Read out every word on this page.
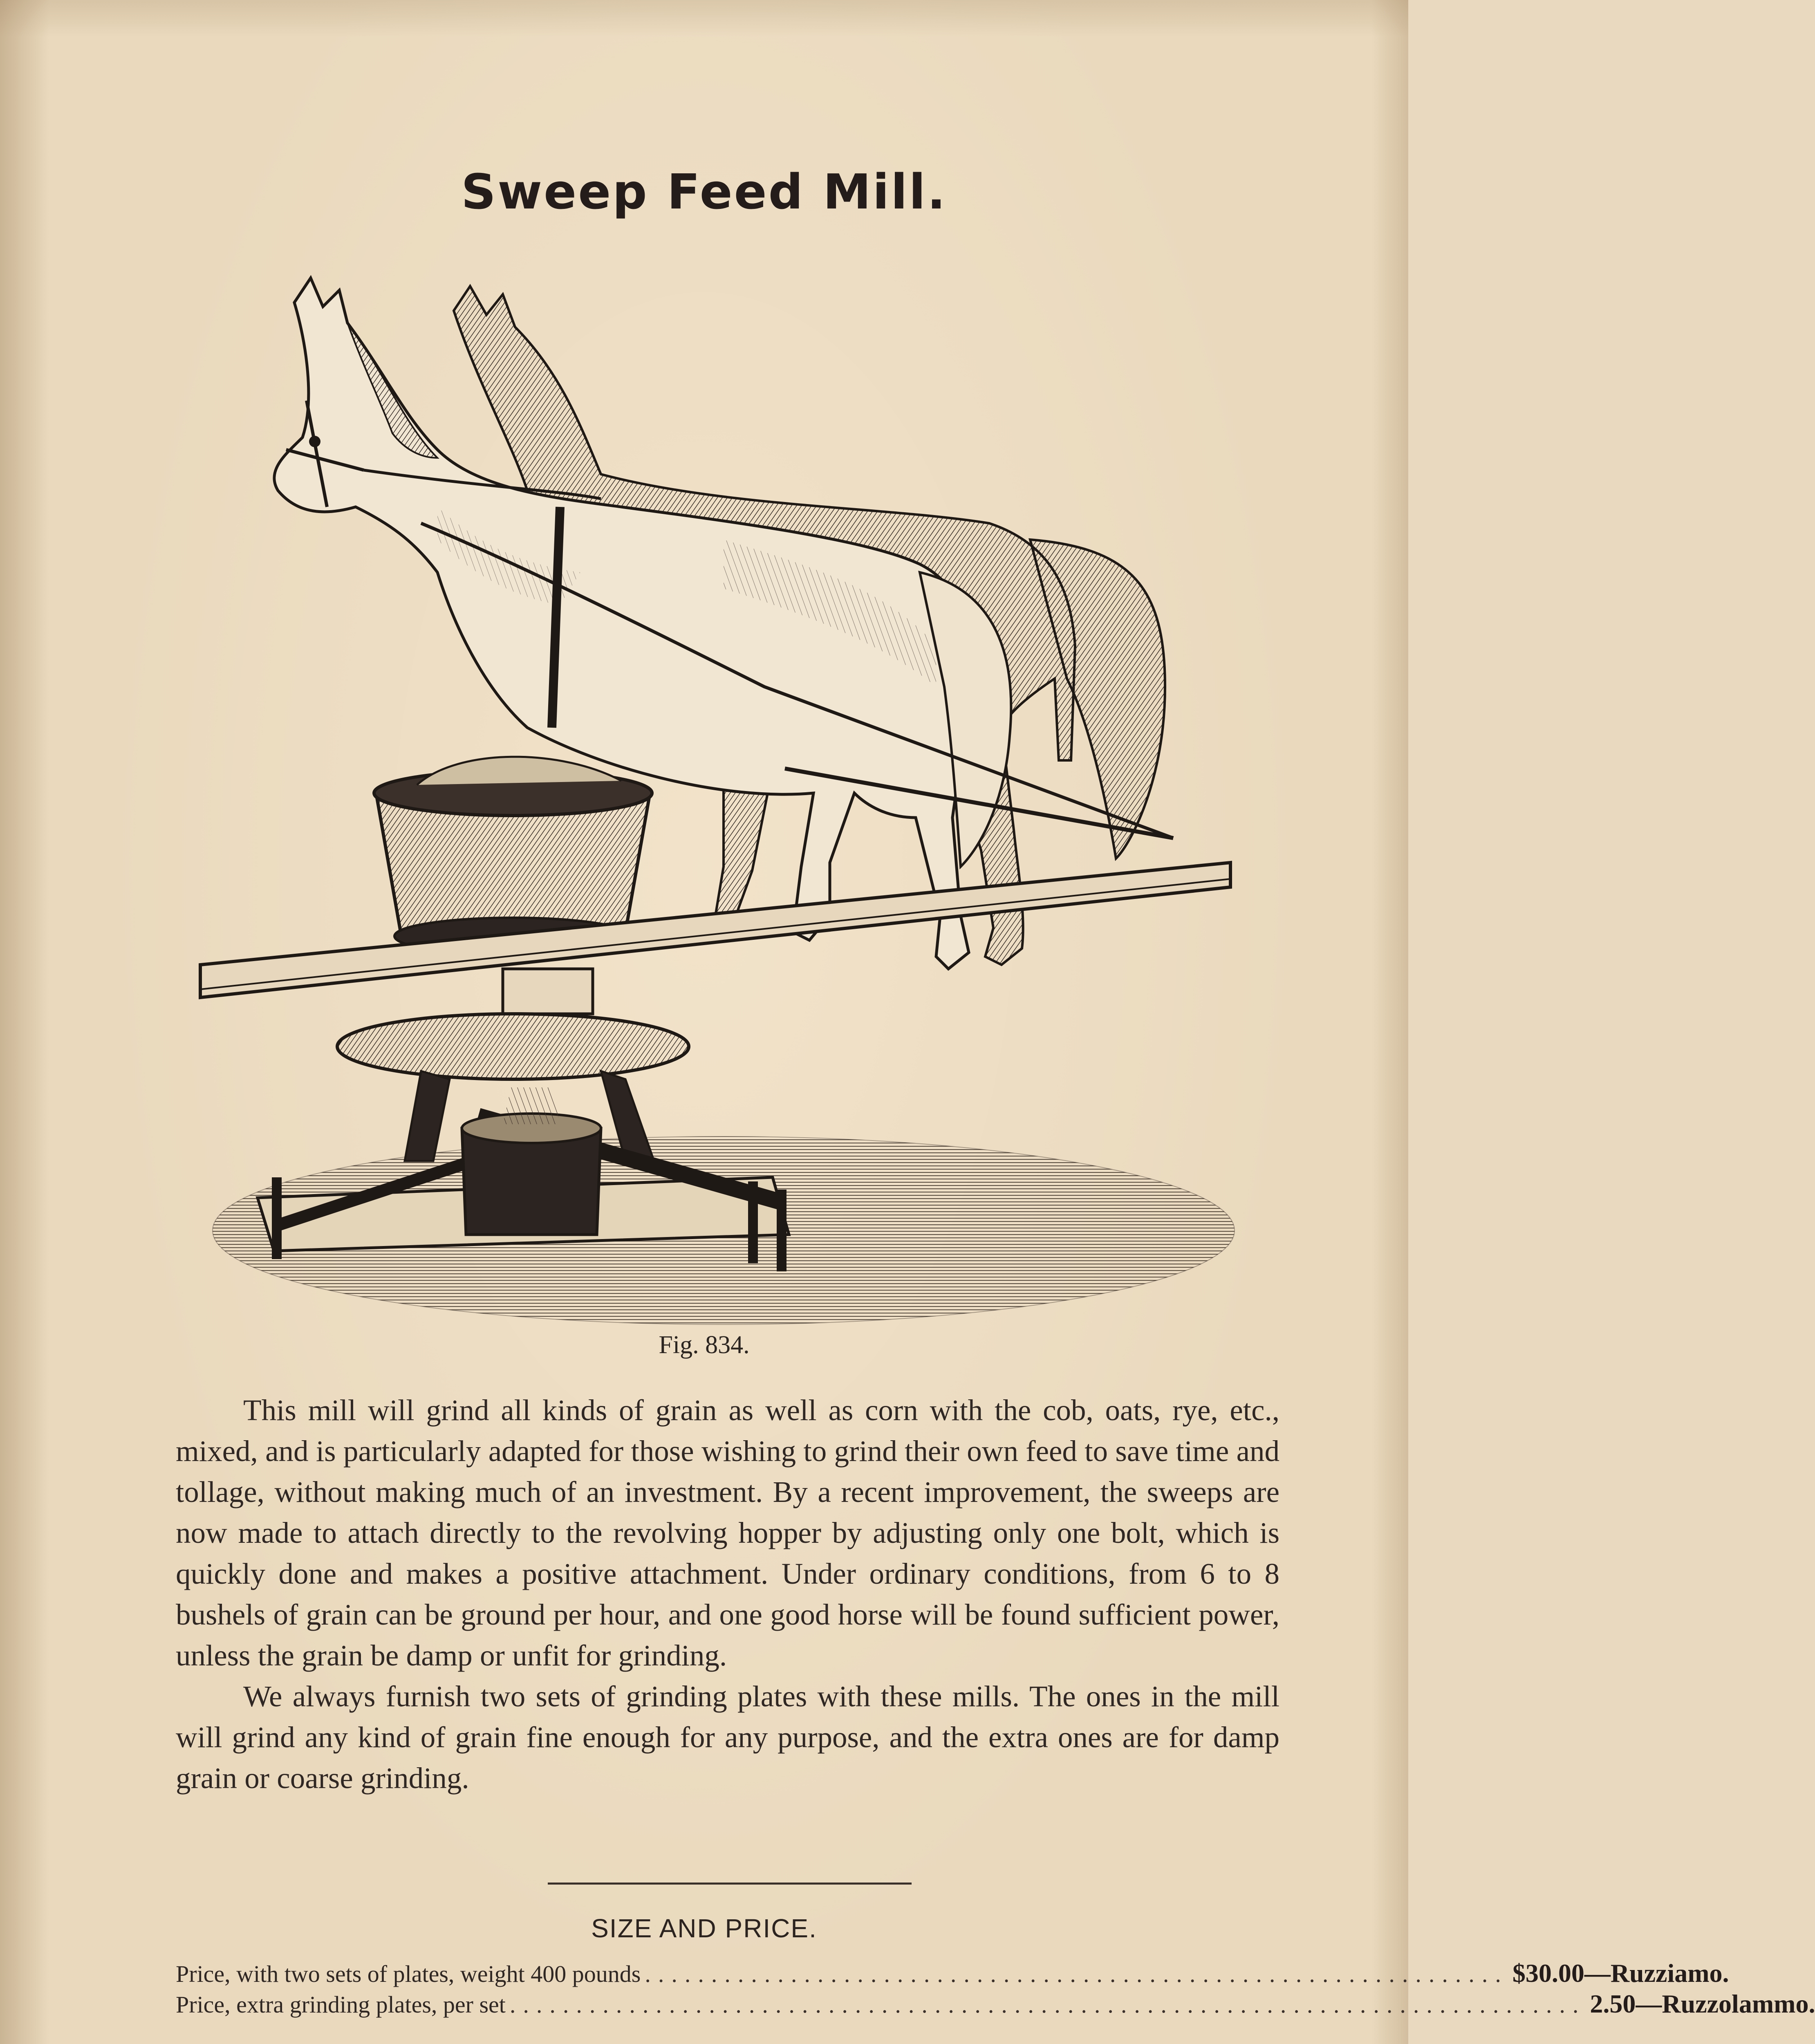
Sweep Feed Mill.
Fig. 834.

This mill will grind all kinds of grain as well as corn with the cob, oats, rye, etc., mixed, and is particularly adapted for those wishing to grind their own feed to save time and tollage, without making much of an investment. By a recent improvement, the sweeps are now made to attach directly to the revolving hopper by adjusting only one bolt, which is quickly done and makes a positive attachment. Under ordinary conditions, from 6 to 8 bushels of grain can be ground per hour, and one good horse will be found sufficient power, unless the grain be damp or unfit for grinding.

We always furnish two sets of grinding plates with these mills. The ones in the mill will grind any kind of grain fine enough for any purpose, and the extra ones are for damp grain or coarse grinding.

SIZE AND PRICE.
Price, with two sets of plates, weight 400 pounds ................................................................. $30.00—Ruzziamo.
Price, extra grinding plates, per set ................................................................................. 2.50—Ruzzolammo.
